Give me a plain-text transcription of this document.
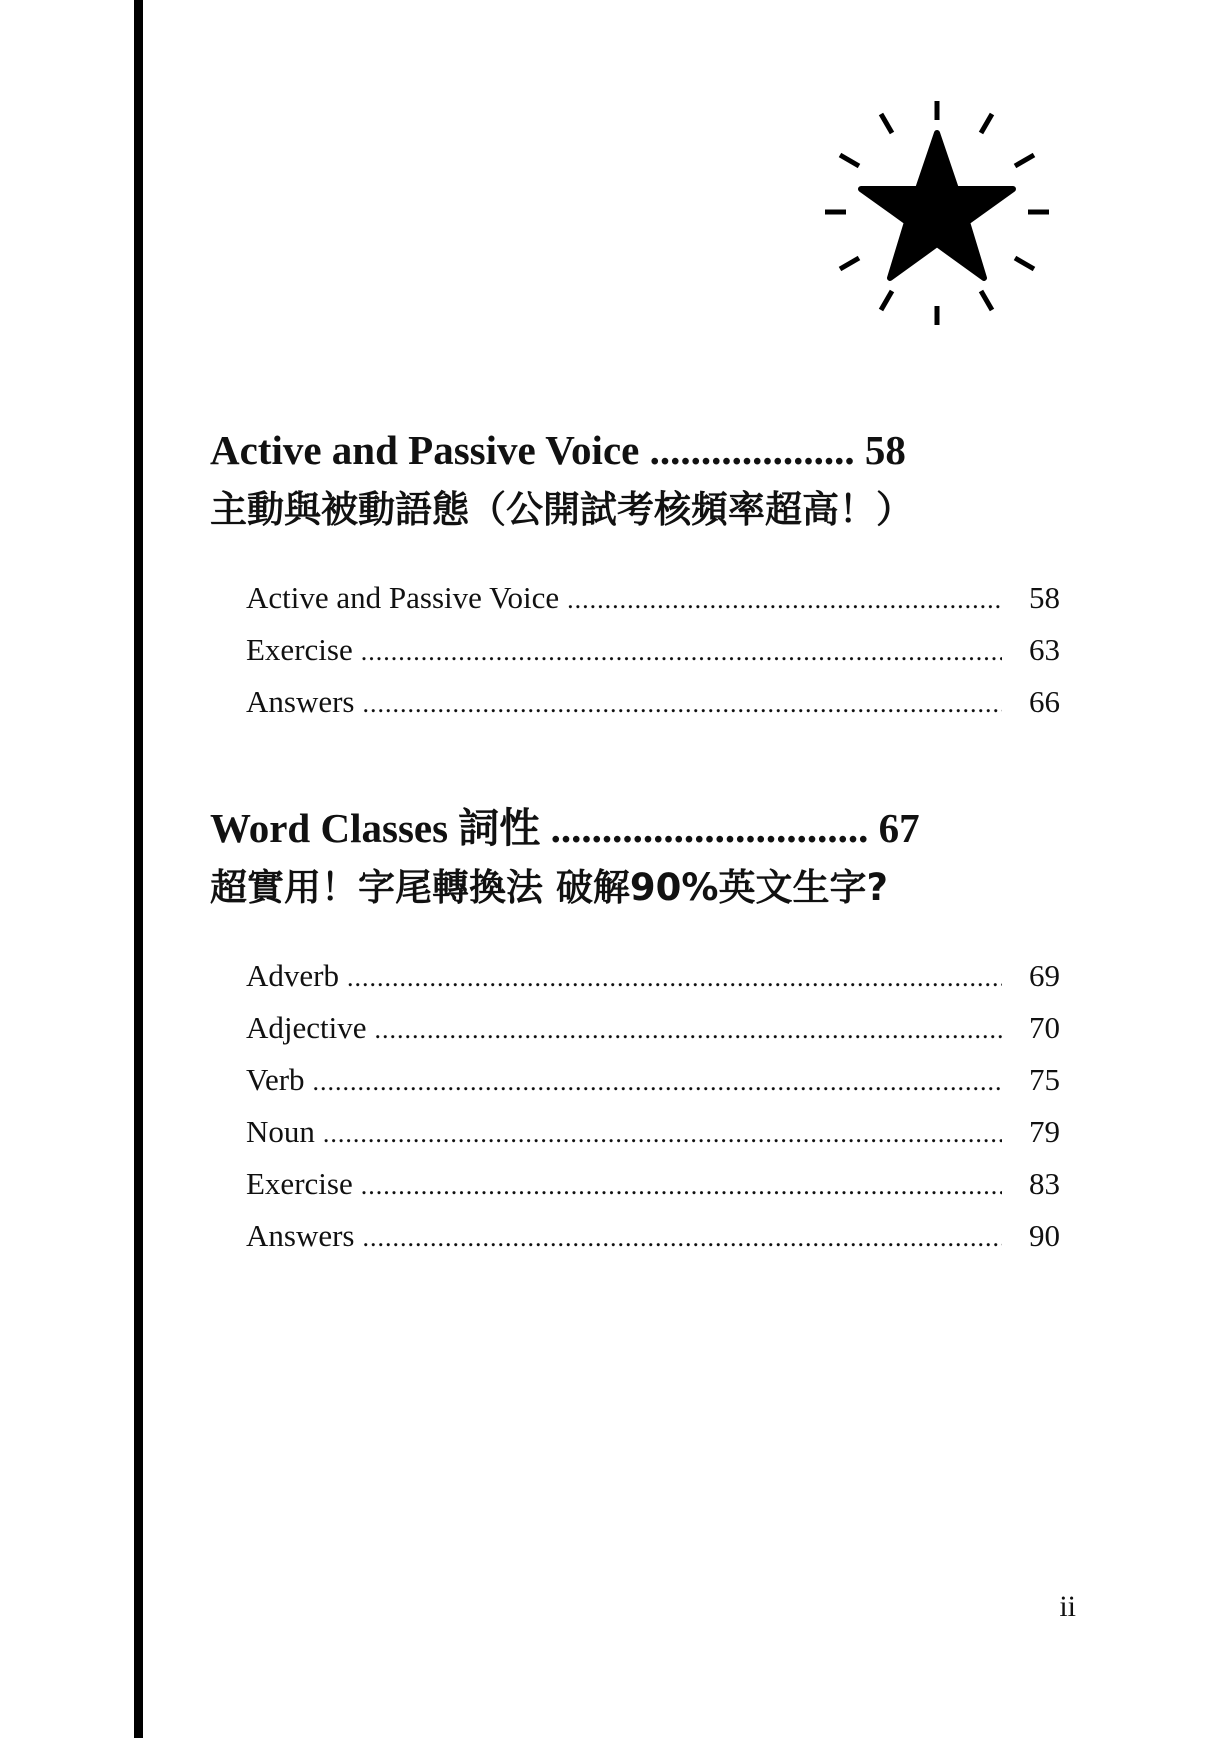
Active and Passive Voice .................... 58
主動與被動語態（公開試考核頻率超高！）
Active and Passive Voice .....	58
Exercise .....	63
Answers .....	66
Word Classes 詞性 ............................... 67
超實用！字尾轉換法 破解90%英文生字?
Adverb .....	69
Adjective .....	70
Verb .....	75
Noun .....	79
Exercise .....	83
Answers .....	90
ii
